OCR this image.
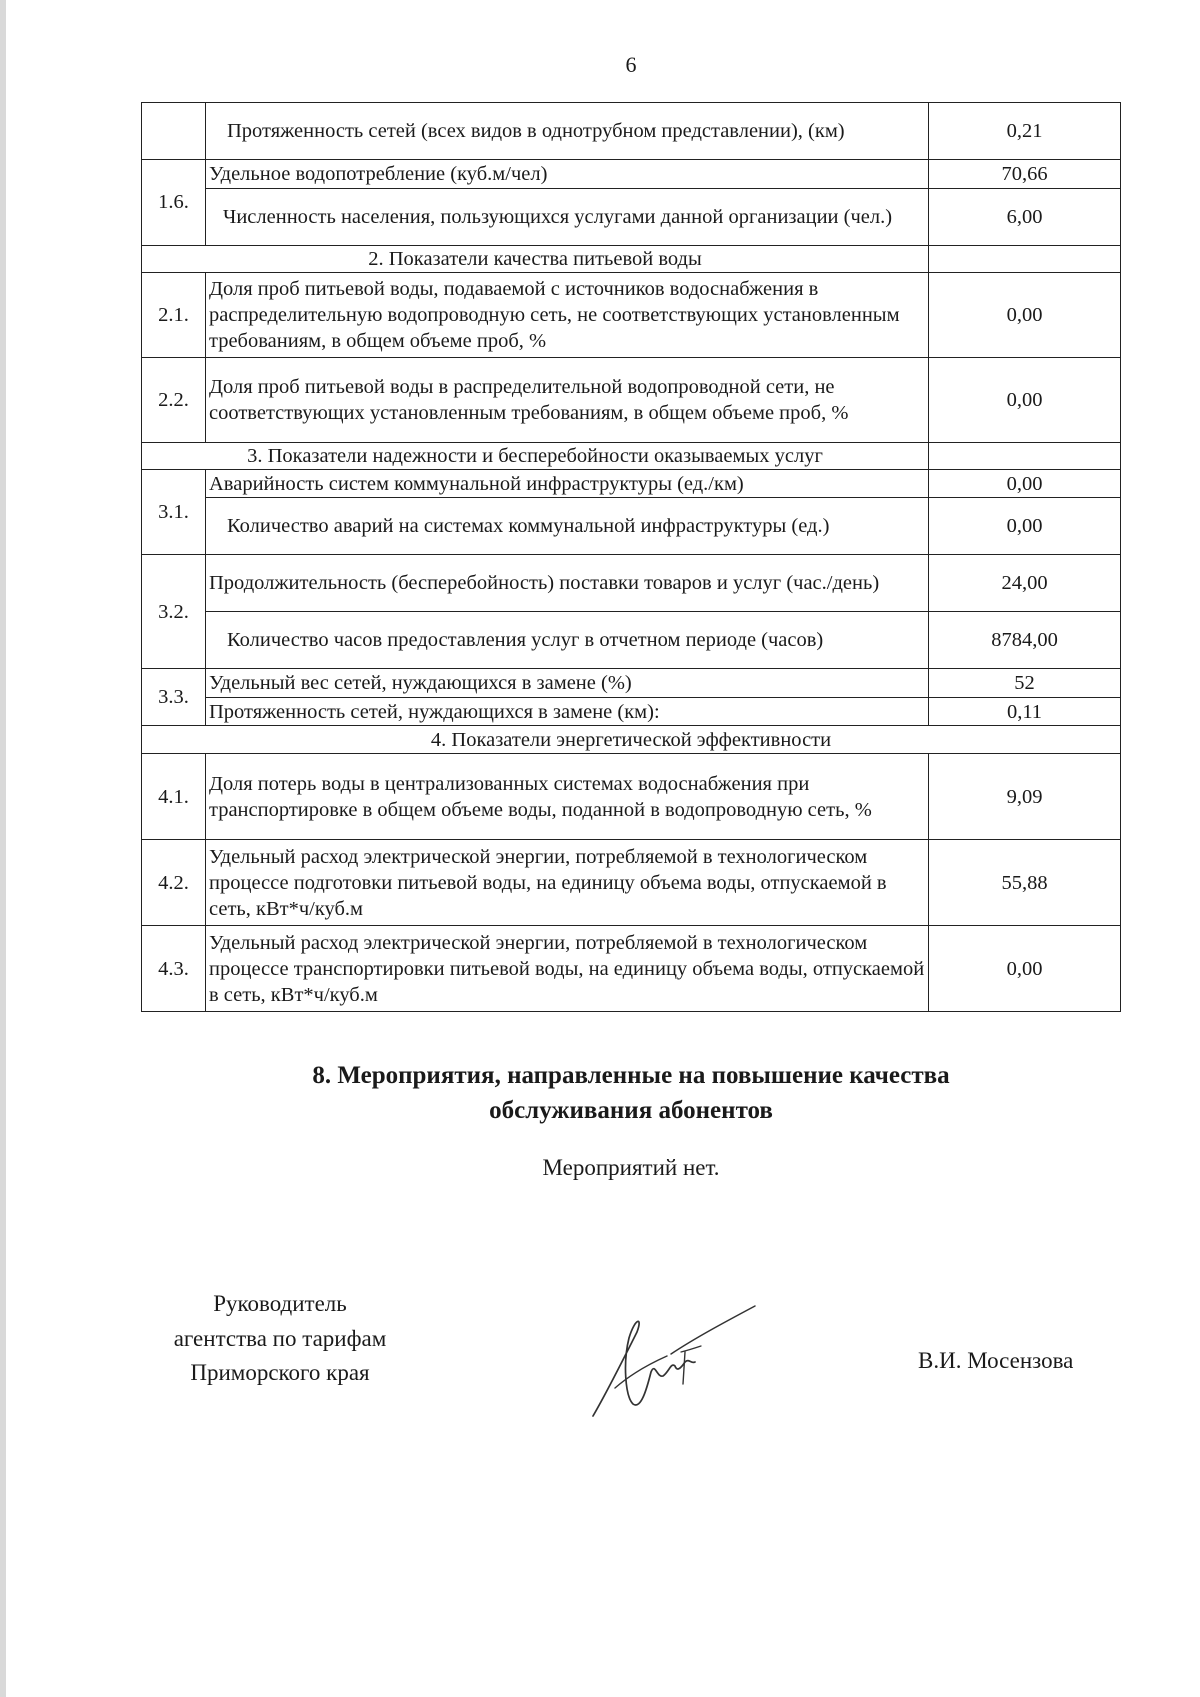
6
	Протяженность сетей (всех видов в однотрубном представлении), (км)	0,21
1.6.	Удельное водопотребление (куб.м/чел)	70,66
	Численность населения, пользующихся услугами данной организации (чел.)	6,00
2. Показатели качества питьевой воды		
2.1.	Доля проб питьевой воды, подаваемой с источников водоснабжения в распределительную водопроводную сеть, не соответствующих установленным требованиям, в общем объеме проб, %	0,00
2.2.	Доля проб питьевой воды в распределительной водопроводной сети, не соответствующих установленным требованиям, в общем объеме проб, %	0,00
3. Показатели надежности и бесперебойности оказываемых услуг		
3.1.	Аварийность систем коммунальной инфраструктуры (ед./км)	0,00
	Количество аварий на системах коммунальной инфраструктуры (ед.)	0,00
3.2.	Продолжительность (бесперебойность) поставки товаров и услуг (час./день)	24,00
	Количество часов предоставления услуг в отчетном периоде (часов)	8784,00
3.3.	Удельный вес сетей, нуждающихся в замене (%)	52
	Протяженность сетей, нуждающихся в замене (км):	0,11
4. Показатели энергетической эффективности		
4.1.	Доля потерь воды в централизованных системах водоснабжения при транспортировке в общем объеме воды, поданной в водопроводную сеть, %	9,09
4.2.	Удельный расход электрической энергии, потребляемой в технологическом процессе подготовки питьевой воды, на единицу объема воды, отпускаемой в сеть, кВт*ч/куб.м	55,88
4.3.	Удельный расход электрической энергии, потребляемой в технологическом процессе транспортировки питьевой воды, на единицу объема воды, отпускаемой в сеть, кВт*ч/куб.м	0,00
8. Мероприятия, направленные на повышение качества
обслуживания абонентов
Мероприятий нет.
Руководитель
агентства по тарифам
Приморского края	В.И. Мосензова
